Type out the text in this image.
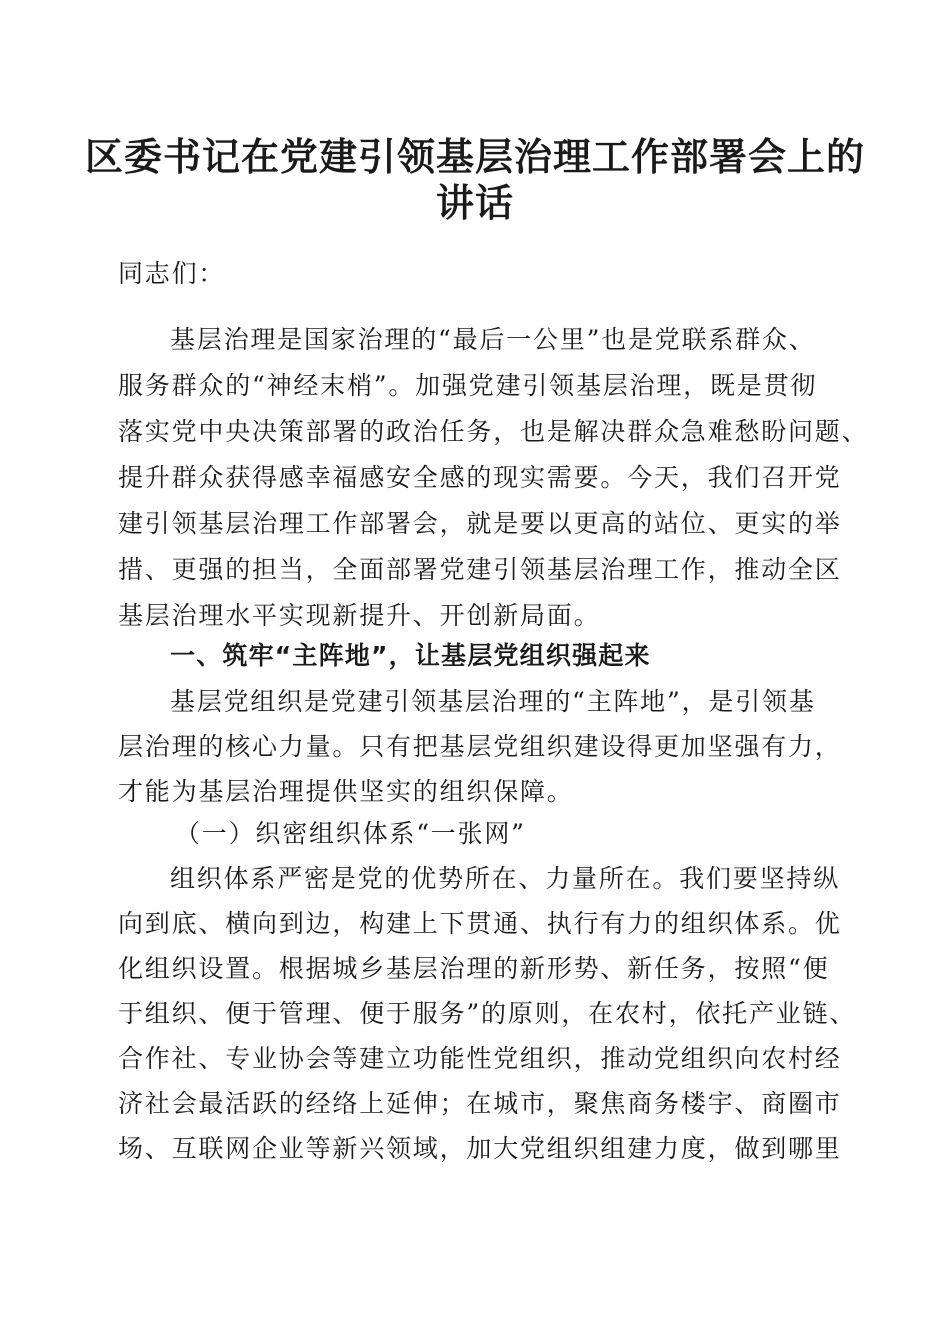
区委书记在党建引领基层治理工作部署会上的
讲话
同志们：
基层治理是国家治理的“最后一公里”也是党联系群众、
服务群众的“神经末梢”。加强党建引领基层治理，既是贯彻
落实党中央决策部署的政治任务，也是解决群众急难愁盼问题、
提升群众获得感幸福感安全感的现实需要。今天，我们召开党
建引领基层治理工作部署会，就是要以更高的站位、更实的举
措、更强的担当，全面部署党建引领基层治理工作，推动全区
基层治理水平实现新提升、开创新局面。
一、筑牢“主阵地”，让基层党组织强起来
基层党组织是党建引领基层治理的“主阵地”，是引领基
层治理的核心力量。只有把基层党组织建设得更加坚强有力，
才能为基层治理提供坚实的组织保障。
（一）织密组织体系“一张网”
组织体系严密是党的优势所在、力量所在。我们要坚持纵
向到底、横向到边，构建上下贯通、执行有力的组织体系。优
化组织设置。根据城乡基层治理的新形势、新任务，按照“便
于组织、便于管理、便于服务”的原则，在农村，依托产业链、
合作社、专业协会等建立功能性党组织，推动党组织向农村经
济社会最活跃的经络上延伸；在城市，聚焦商务楼宇、商圈市
场、互联网企业等新兴领域，加大党组织组建力度，做到哪里
